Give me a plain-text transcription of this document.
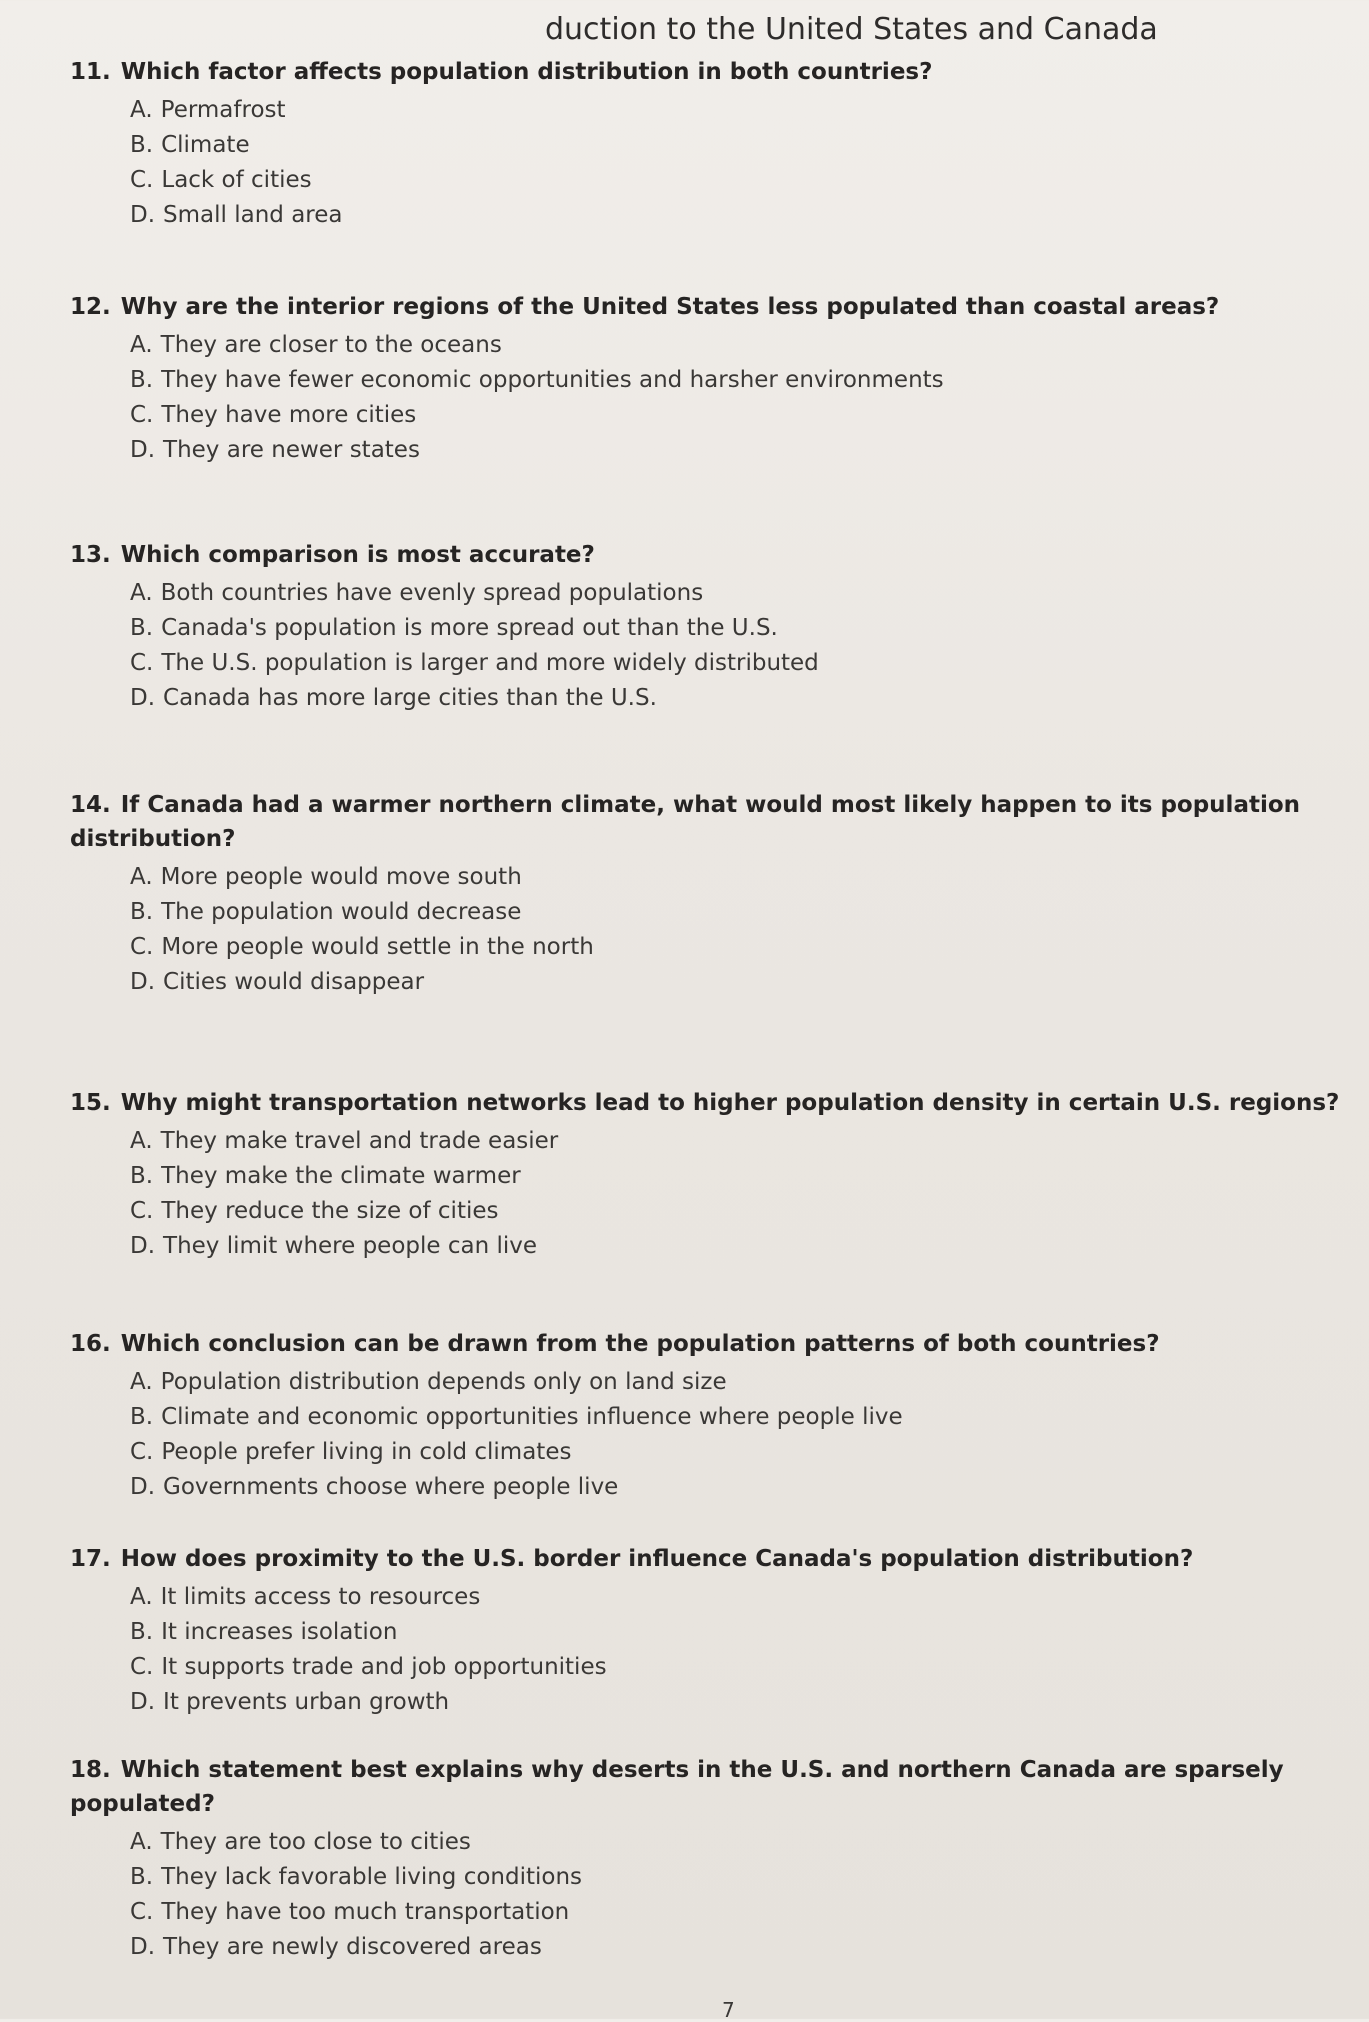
duction to the United States and Canada

11. Which factor affects population distribution in both countries?

A. Permafrost
B. Climate
C. Lack of cities
D. Small land area

12. Why are the interior regions of the United States less populated than coastal areas?

A. They are closer to the oceans
B. They have fewer economic opportunities and harsher environments
C. They have more cities
D. They are newer states

13. Which comparison is most accurate?

A. Both countries have evenly spread populations
B. Canada's population is more spread out than the U.S.
C. The U.S. population is larger and more widely distributed
D. Canada has more large cities than the U.S.

14. If Canada had a warmer northern climate, what would most likely happen to its population distribution?

A. More people would move south
B. The population would decrease
C. More people would settle in the north
D. Cities would disappear

15. Why might transportation networks lead to higher population density in certain U.S. regions?

A. They make travel and trade easier
B. They make the climate warmer
C. They reduce the size of cities
D. They limit where people can live

16. Which conclusion can be drawn from the population patterns of both countries?

A. Population distribution depends only on land size
B. Climate and economic opportunities influence where people live
C. People prefer living in cold climates
D. Governments choose where people live

17. How does proximity to the U.S. border influence Canada's population distribution?

A. It limits access to resources
B. It increases isolation
C. It supports trade and job opportunities
D. It prevents urban growth

18. Which statement best explains why deserts in the U.S. and northern Canada are sparsely populated?

A. They are too close to cities
B. They lack favorable living conditions
C. They have too much transportation
D. They are newly discovered areas
7
